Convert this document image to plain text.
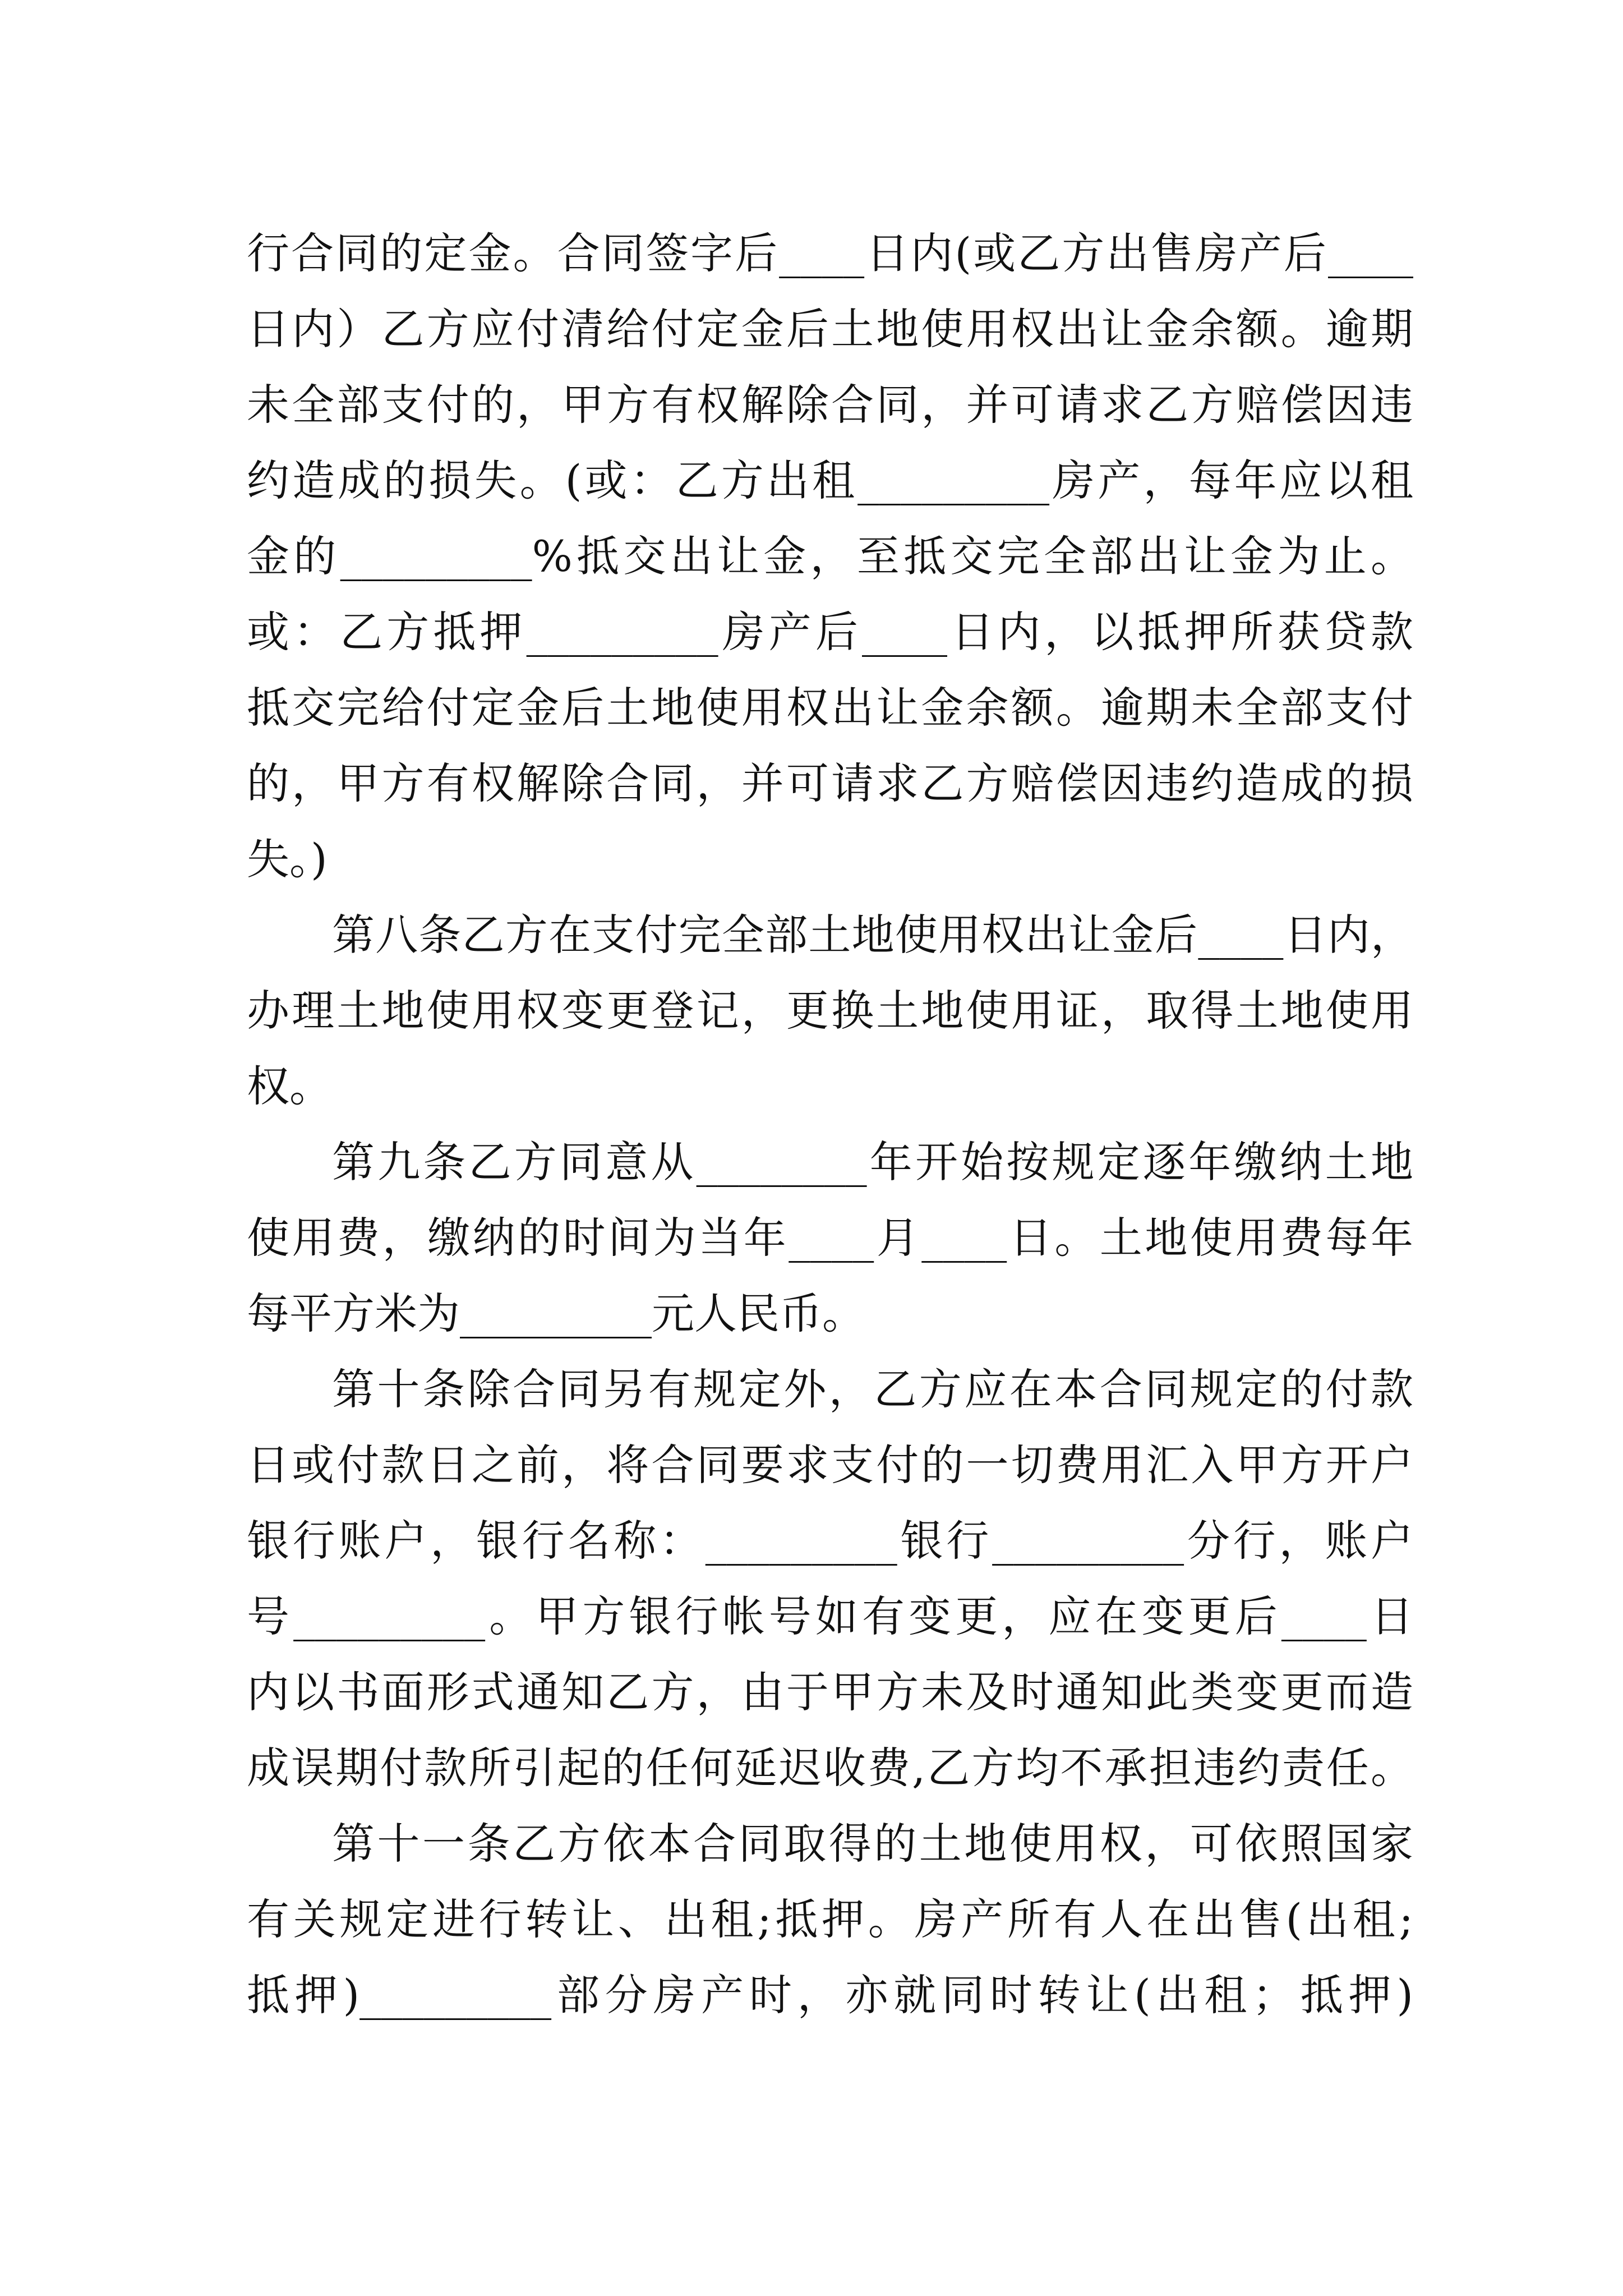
行合同的定金。合同签字后____日内(或乙方出售房产后____
日内）乙方应付清给付定金后土地使用权出让金余额。逾期
未全部支付的，甲方有权解除合同，并可请求乙方赔偿因违
约造成的损失。(或：乙方出租_________房产，每年应以租
金的_________%抵交出让金，至抵交完全部出让金为止。
或：乙方抵押_________房产后____日内，以抵押所获贷款
抵交完给付定金后土地使用权出让金余额。逾期未全部支付
的，甲方有权解除合同，并可请求乙方赔偿因违约造成的损
失。)
第八条乙方在支付完全部土地使用权出让金后____日内，
办理土地使用权变更登记，更换土地使用证，取得土地使用
权。
第九条乙方同意从________年开始按规定逐年缴纳土地
使用费，缴纳的时间为当年____月____日。土地使用费每年
每平方米为_________元人民币。
第十条除合同另有规定外，乙方应在本合同规定的付款
日或付款日之前，将合同要求支付的一切费用汇入甲方开户
银行账户，银行名称：_________银行_________分行，账户
号_________。甲方银行帐号如有变更，应在变更后____日
内以书面形式通知乙方，由于甲方未及时通知此类变更而造
成误期付款所引起的任何延迟收费,乙方均不承担违约责任。
第十一条乙方依本合同取得的土地使用权，可依照国家
有关规定进行转让、出租;抵押。房产所有人在出售(出租;
抵押)_________部分房产时，亦就同时转让(出租；抵押)
